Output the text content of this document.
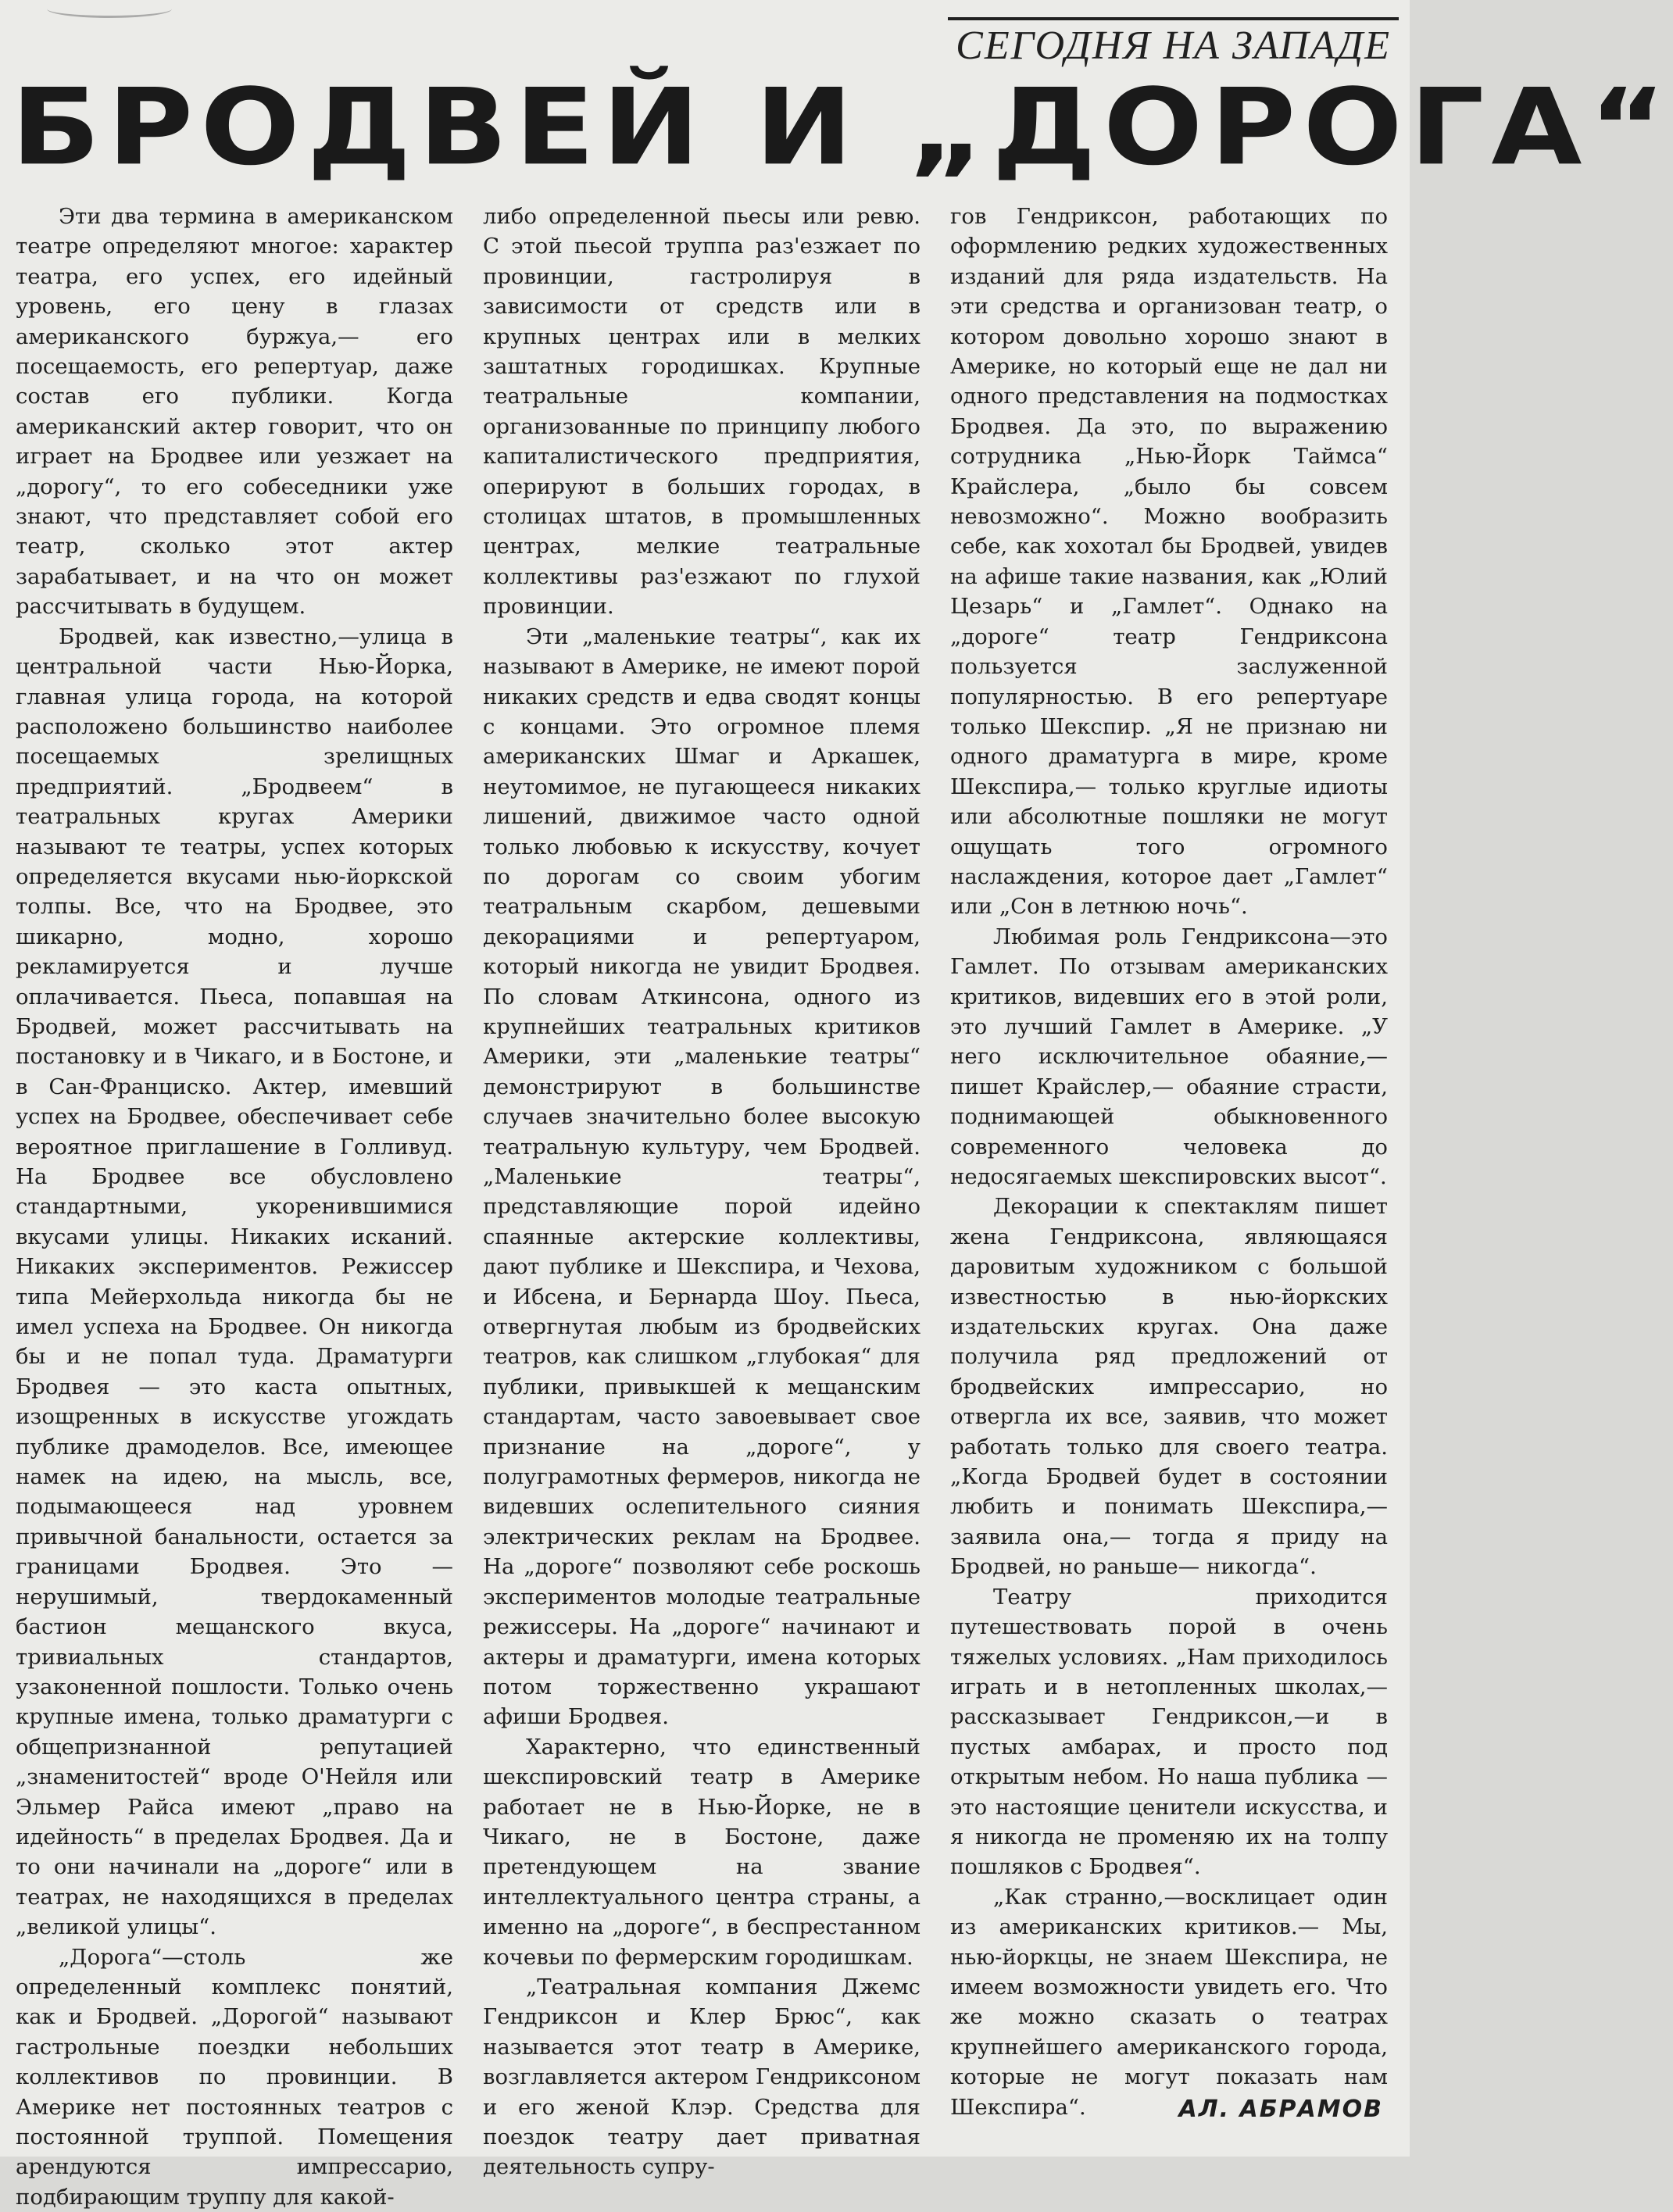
СЕГОДНЯ НА ЗАПАДЕ
БРОДВЕЙ И „ДОРОГА“

Эти два термина в американском театре определяют многое: характер театра, его успех, его идейный уровень, его цену в глазах американского буржуа,— его посещаемость, его репертуар, даже состав его публики. Когда американский актер говорит, что он играет на Бродвее или уезжает на „дорогу“, то его собеседники уже знают, что представляет собой его театр, сколько этот актер зарабатывает, и на что он может рассчитывать в будущем.

Бродвей, как известно,—улица в центральной части Нью-Йорка, главная улица города, на которой расположено большинство наиболее посещаемых зрелищных предприятий. „Бродвеем“ в театральных кругах Америки называют те театры, успех которых определяется вкусами нью-йоркской толпы. Все, что на Бродвее, это шикарно, модно, хорошо рекламируется и лучше оплачивается. Пьеса, попавшая на Бродвей, может рассчитывать на постановку и в Чикаго, и в Бостоне, и в Сан-Франциско. Актер, имевший успех на Бродвее, обеспечивает себе вероятное приглашение в Голливуд. На Бродвее все обусловлено стандартными, укоренившимися вкусами улицы. Никаких исканий. Никаких экспериментов. Режиссер типа Мейерхольда никогда бы не имел успеха на Бродвее. Он никогда бы и не попал туда. Драматурги Бродвея — это каста опытных, изощренных в искусстве угождать публике драмоделов. Все, имеющее намек на идею, на мысль, все, подымающееся над уровнем привычной банальности, остается за границами Бродвея. Это — нерушимый, твердокаменный бастион мещанского вкуса, тривиальных стандартов, узаконенной пошлости. Только очень крупные имена, только драматурги с общепризнанной репутацией „знаменитостей“ вроде О'Нейля или Эльмер Райса имеют „право на идейность“ в пределах Бродвея. Да и то они начинали на „дороге“ или в театрах, не находящихся в пределах „великой улицы“.

„Дорога“—столь же определенный комплекс понятий, как и Бродвей. „Дорогой“ называют гастрольные поездки небольших коллективов по провинции. В Америке нет постоянных театров с постоянной труппой. Помещения арендуются импрессарио, подбирающим труппу для какой-

либо определенной пьесы или ревю. С этой пьесой труппа раз'езжает по провинции, гастролируя в зависимости от средств или в крупных центрах или в мелких заштатных городишках. Крупные театральные компании, организованные по принципу любого капиталистического предприятия, оперируют в больших городах, в столицах штатов, в промышленных центрах, мелкие театральные коллективы раз'езжают по глухой провинции.

Эти „маленькие театры“, как их называют в Америке, не имеют порой никаких средств и едва сводят концы с концами. Это огромное племя американских Шмаг и Аркашек, неутомимое, не пугающееся никаких лишений, движимое часто одной только любовью к искусству, кочует по дорогам со своим убогим театральным скарбом, дешевыми декорациями и репертуаром, который никогда не увидит Бродвея. По словам Аткинсона, одного из крупнейших театральных критиков Америки, эти „маленькие театры“ демонстрируют в большинстве случаев значительно более высокую театральную культуру, чем Бродвей. „Маленькие театры“, представляющие порой идейно спаянные актерские коллективы, дают публике и Шекспира, и Чехова, и Ибсена, и Бернарда Шоу. Пьеса, отвергнутая любым из бродвейских театров, как слишком „глубокая“ для публики, привыкшей к мещанским стандартам, часто завоевывает свое признание на „дороге“, у полуграмотных фермеров, никогда не видевших ослепительного сияния электрических реклам на Бродвее. На „дороге“ позволяют себе роскошь экспериментов молодые театральные режиссеры. На „дороге“ начинают и актеры и драматурги, имена которых потом торжественно украшают афиши Бродвея.

Характерно, что единственный шекспировский театр в Америке работает не в Нью-Йорке, не в Чикаго, не в Бостоне, даже претендующем на звание интеллектуального центра страны, а именно на „дороге“, в беспрестанном кочевьи по фермерским городишкам.

„Театральная компания Джемс Гендриксон и Клер Брюс“, как называется этот театр в Америке, возглавляется актером Гендриксоном и его женой Клэр. Средства для поездок театру дает приватная деятельность супру-

гов Гендриксон, работающих по оформлению редких художественных изданий для ряда издательств. На эти средства и организован театр, о котором довольно хорошо знают в Америке, но который еще не дал ни одного представления на подмостках Бродвея. Да это, по выражению сотрудника „Нью-Йорк Таймса“ Крайслера, „было бы совсем невозможно“. Можно вообразить себе, как хохотал бы Бродвей, увидев на афише такие названия, как „Юлий Цезарь“ и „Гамлет“. Однако на „дороге“ театр Гендриксона пользуется заслуженной популярностью. В его репертуаре только Шекспир. „Я не признаю ни одного драматурга в мире, кроме Шекспира,— только круглые идиоты или абсолютные пошляки не могут ощущать того огромного наслаждения, которое дает „Гамлет“ или „Сон в летнюю ночь“.

Любимая роль Гендриксона—это Гамлет. По отзывам американских критиков, видевших его в этой роли, это лучший Гамлет в Америке. „У него исключительное обаяние,—пишет Крайслер,— обаяние страсти, поднимающей обыкновенного современного человека до недосягаемых шекспировских высот“.

Декорации к спектаклям пишет жена Гендриксона, являющаяся даровитым художником с большой известностью в нью-йоркских издательских кругах. Она даже получила ряд предложений от бродвейских импрессарио, но отвергла их все, заявив, что может работать только для своего театра. „Когда Бродвей будет в состоянии любить и понимать Шекспира,— заявила она,— тогда я приду на Бродвей, но раньше— никогда“.

Театру приходится путешествовать порой в очень тяжелых условиях. „Нам приходилось играть и в нетопленных школах,— рассказывает Гендриксон,—и в пустых амбарах, и просто под открытым небом. Но наша публика — это настоящие ценители искусства, и я никогда не променяю их на толпу пошляков с Бродвея“.

„Как странно,—восклицает один из американских критиков.— Мы, нью-йоркцы, не знаем Шекспира, не имеем возможности увидеть его. Что же можно сказать о театрах крупнейшего американского города, которые не могут показать нам Шекспира“.	АЛ. АБРАМОВ
